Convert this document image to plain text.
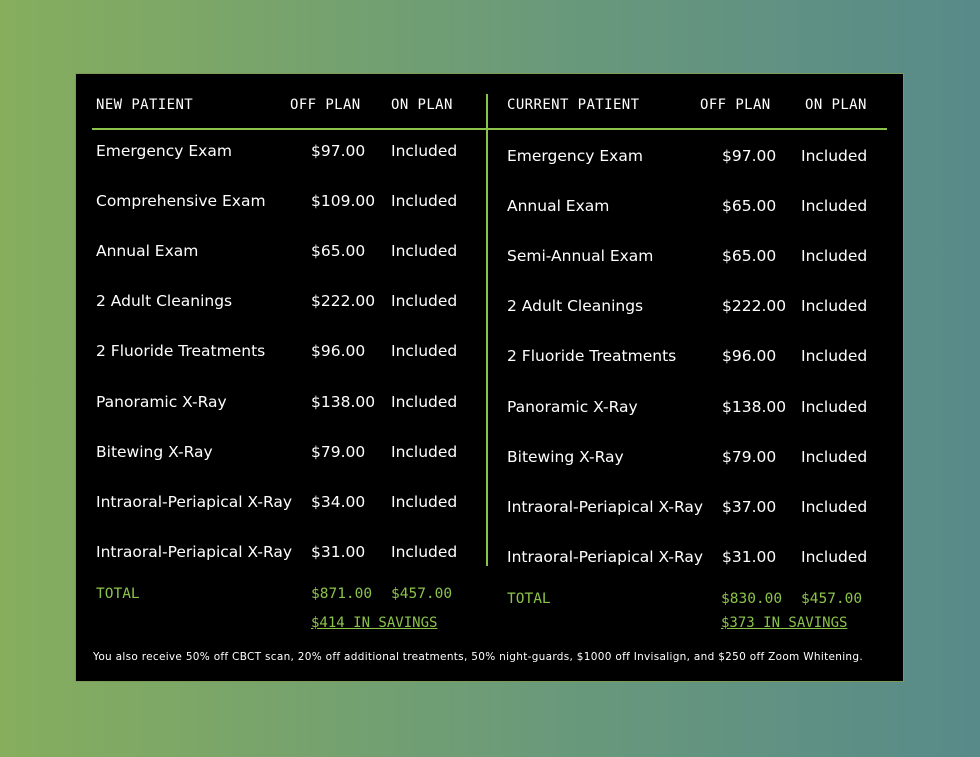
NEW PATIENT	OFF PLAN ON PLAN	CURRENT PATIENT	OFF PLAN ON PLAN
Emergency Exam	$97.00 Included
Comprehensive Exam	$109.00 Included
Annual Exam	$65.00 Included
2 Adult Cleanings	$222.00 Included
2 Fluoride Treatments	$96.00 Included
Panoramic X-Ray	$138.00 Included
Bitewing X-Ray	$79.00 Included
Intraoral-Periapical X-Ray $34.00 Included
Intraoral-Periapical X-Ray $31.00 Included
Emergency Exam	$97.00 Included
Annual Exam	$65.00 Included
Semi-Annual Exam	$65.00 Included
2 Adult Cleanings	$222.00 Included
2 Fluoride Treatments	$96.00 Included
Panoramic X-Ray	$138.00 Included
Bitewing X-Ray	$79.00 Included
Intraoral-Periapical X-Ray $37.00 Included
Intraoral-Periapical X-Ray $31.00 Included
TOTAL	$871.00 $457.00
$414 IN SAVINGS
TOTAL	$830.00 $457.00
$373 IN SAVINGS
You also receive 50% off CBCT scan, 20% off additional treatments, 50% night-guards, $1000 off Invisalign, and $250 off Zoom Whitening.
